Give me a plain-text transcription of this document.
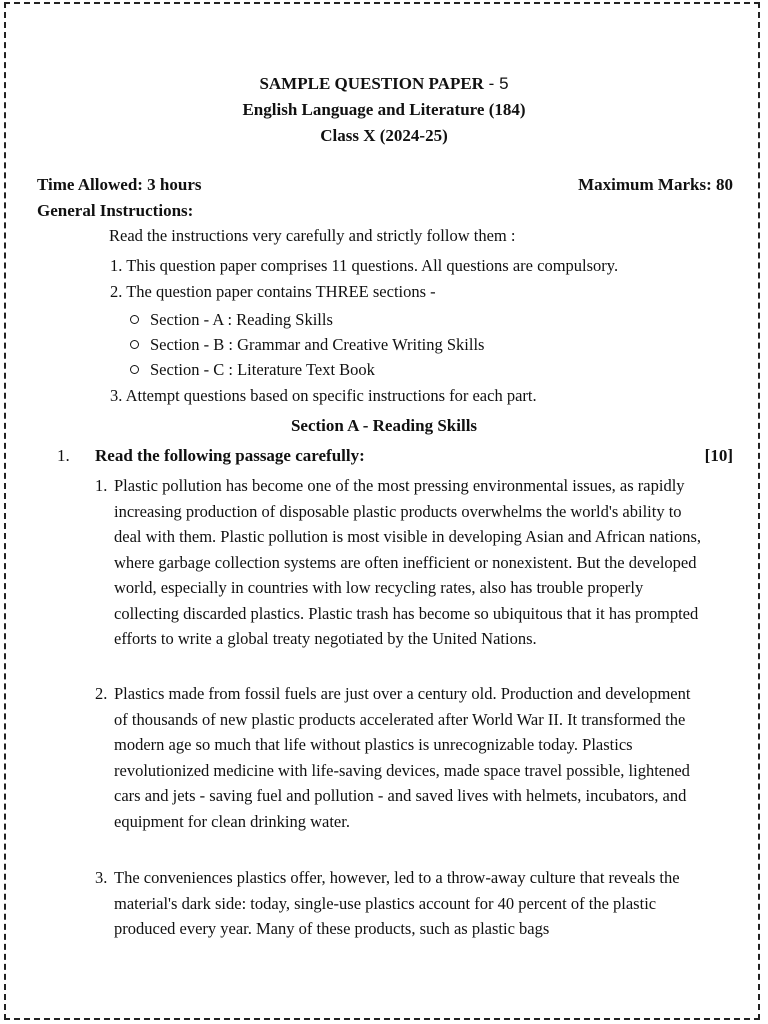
SAMPLE QUESTION PAPER - 5
English Language and Literature (184)
Class X (2024-25)
Time Allowed: 3 hours	Maximum Marks: 80
General Instructions:
Read the instructions very carefully and strictly follow them :
1. This question paper comprises 11 questions. All questions are compulsory.
2. The question paper contains THREE sections -
Section - A : Reading Skills
Section - B : Grammar and Creative Writing Skills
Section - C : Literature Text Book
3. Attempt questions based on specific instructions for each part.
Section A - Reading Skills
1. Read the following passage carefully:	[10]
1. Plastic pollution has become one of the most pressing environmental issues, as rapidly increasing production of disposable plastic products overwhelms the world's ability to deal with them. Plastic pollution is most visible in developing Asian and African nations, where garbage collection systems are often inefficient or nonexistent. But the developed world, especially in countries with low recycling rates, also has trouble properly collecting discarded plastics. Plastic trash has become so ubiquitous that it has prompted efforts to write a global treaty negotiated by the United Nations.
2. Plastics made from fossil fuels are just over a century old. Production and development of thousands of new plastic products accelerated after World War II. It transformed the modern age so much that life without plastics is unrecognizable today. Plastics revolutionized medicine with life-saving devices, made space travel possible, lightened cars and jets - saving fuel and pollution - and saved lives with helmets, incubators, and equipment for clean drinking water.
3. The conveniences plastics offer, however, led to a throw-away culture that reveals the material's dark side: today, single-use plastics account for 40 percent of the plastic produced every year. Many of these products, such as plastic bags
